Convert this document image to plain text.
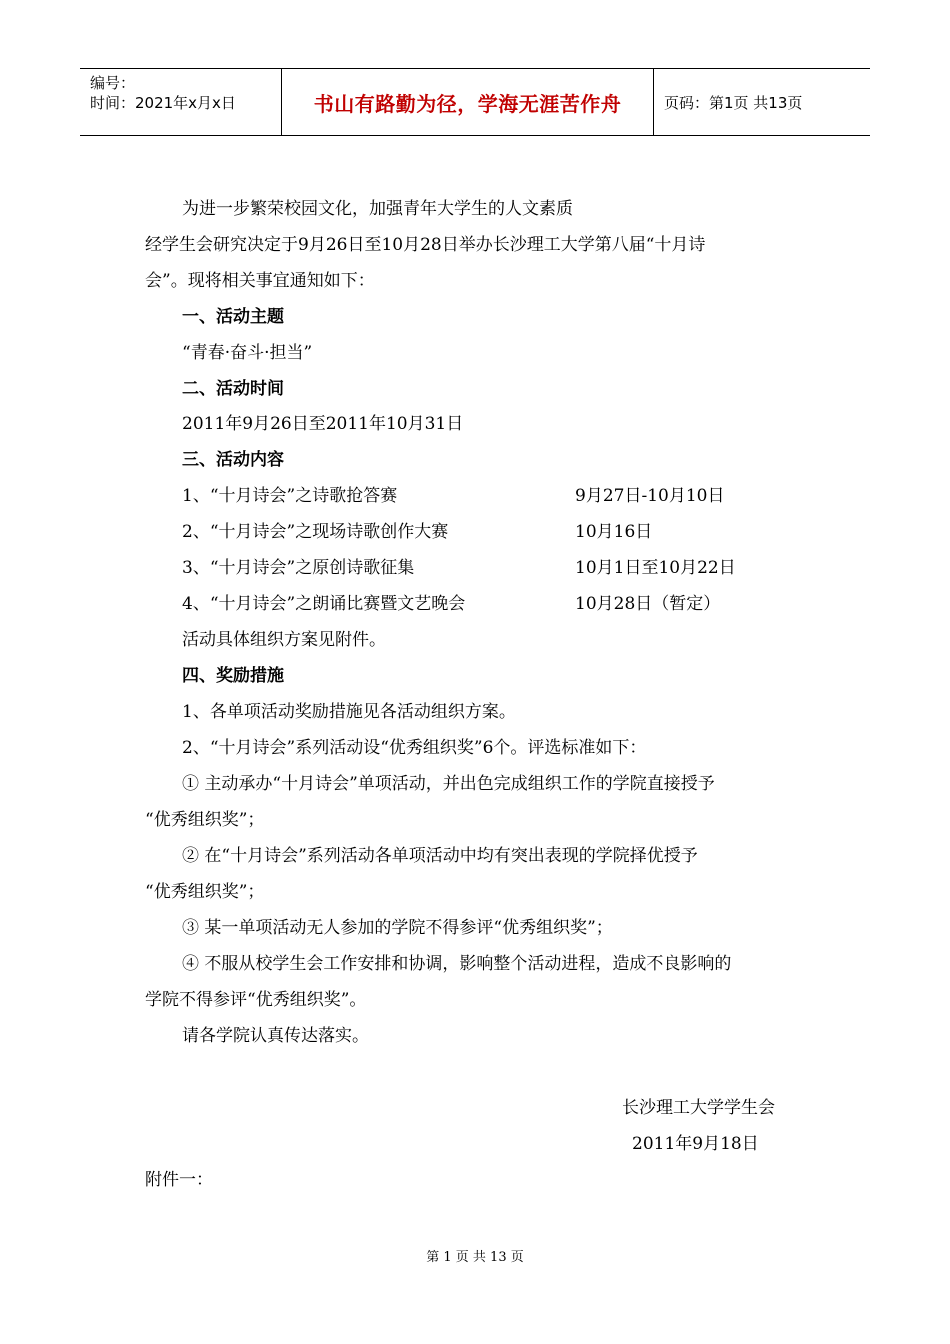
编号：
时间：2021年x月x日	书山有路勤为径，学海无涯苦作舟	页码：第1页 共13页
为进一步繁荣校园文化，加强青年大学生的人文素质
经学生会研究决定于9月26日至10月28日举办长沙理工大学第八届“十月诗
会”。现将相关事宜通知如下：
一、活动主题
“青春·奋斗·担当”
二、活动时间
2011年9月26日至2011年10月31日
三、活动内容
1、“十月诗会”之诗歌抢答赛	9月27日-10月10日
2、“十月诗会”之现场诗歌创作大赛	10月16日
3、“十月诗会”之原创诗歌征集	10月1日至10月22日
4、“十月诗会”之朗诵比赛暨文艺晚会	10月28日（暂定）
活动具体组织方案见附件。
四、奖励措施
1、各单项活动奖励措施见各活动组织方案。
2、“十月诗会”系列活动设“优秀组织奖”6个。评选标准如下：
① 主动承办“十月诗会”单项活动，并出色完成组织工作的学院直接授予
“优秀组织奖”；
② 在“十月诗会”系列活动各单项活动中均有突出表现的学院择优授予
“优秀组织奖”；
③ 某一单项活动无人参加的学院不得参评“优秀组织奖”；
④ 不服从校学生会工作安排和协调，影响整个活动进程，造成不良影响的
学院不得参评“优秀组织奖”。
请各学院认真传达落实。
长沙理工大学学生会
2011年9月18日
附件一：
第 1 页 共 13 页
